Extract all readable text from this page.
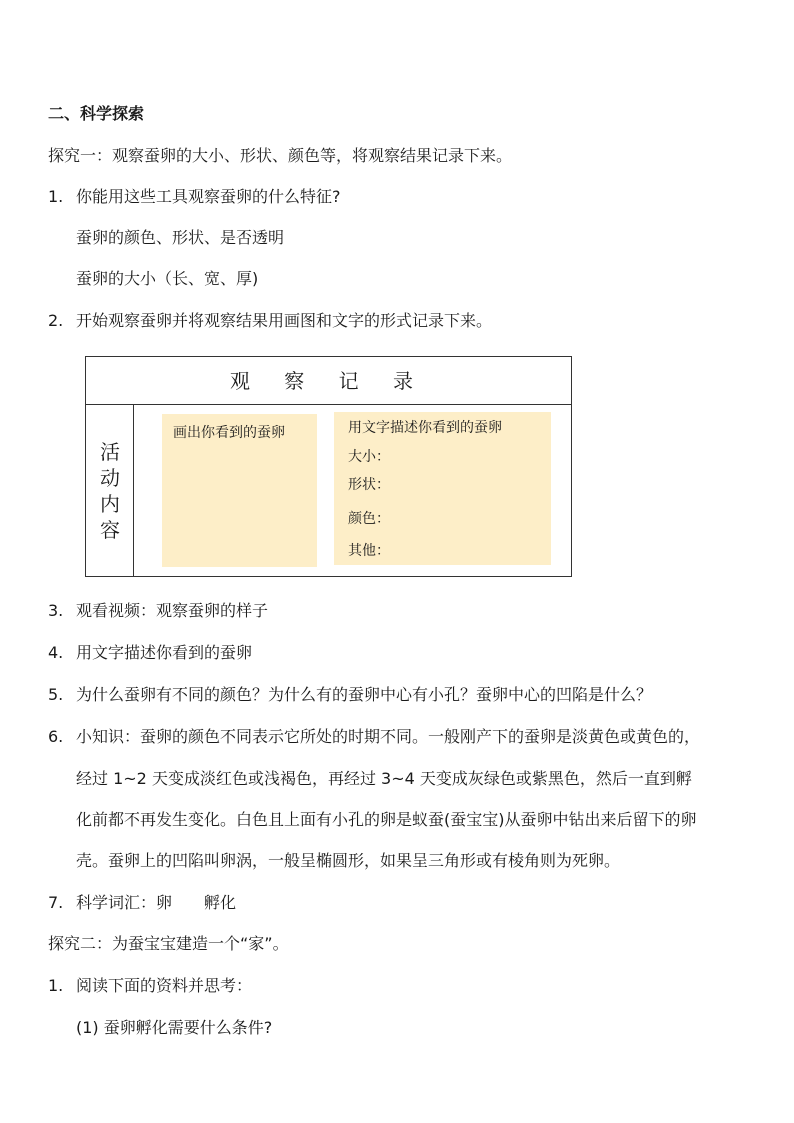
二、科学探索
探究一：观察蚕卵的大小、形状、颜色等，将观察结果记录下来。
1. 你能用这些工具观察蚕卵的什么特征?
蚕卵的颜色、形状、是否透明
蚕卵的大小（长、宽、厚)
2. 开始观察蚕卵并将观察结果用画图和文字的形式记录下来。
观 察 记 录
活动内容
画出你看到的蚕卵	用文字描述你看到的蚕卵
大小：
形状：
颜色：
其他：
3. 观看视频：观察蚕卵的样子
4. 用文字描述你看到的蚕卵
5. 为什么蚕卵有不同的颜色？为什么有的蚕卵中心有小孔？蚕卵中心的凹陷是什么？
6. 小知识：蚕卵的颜色不同表示它所处的时期不同。一般刚产下的蚕卵是淡黄色或黄色的，
经过 1~2 天变成淡红色或浅褐色，再经过 3~4 天变成灰绿色或紫黑色，然后一直到孵
化前都不再发生变化。白色且上面有小孔的卵是蚁蚕(蚕宝宝)从蚕卵中钻出来后留下的卵
壳。蚕卵上的凹陷叫卵涡，一般呈椭圆形，如果呈三角形或有棱角则为死卵。
7. 科学词汇：卵　　孵化
探究二：为蚕宝宝建造一个“家”。
1. 阅读下面的资料并思考：
(1) 蚕卵孵化需要什么条件?
